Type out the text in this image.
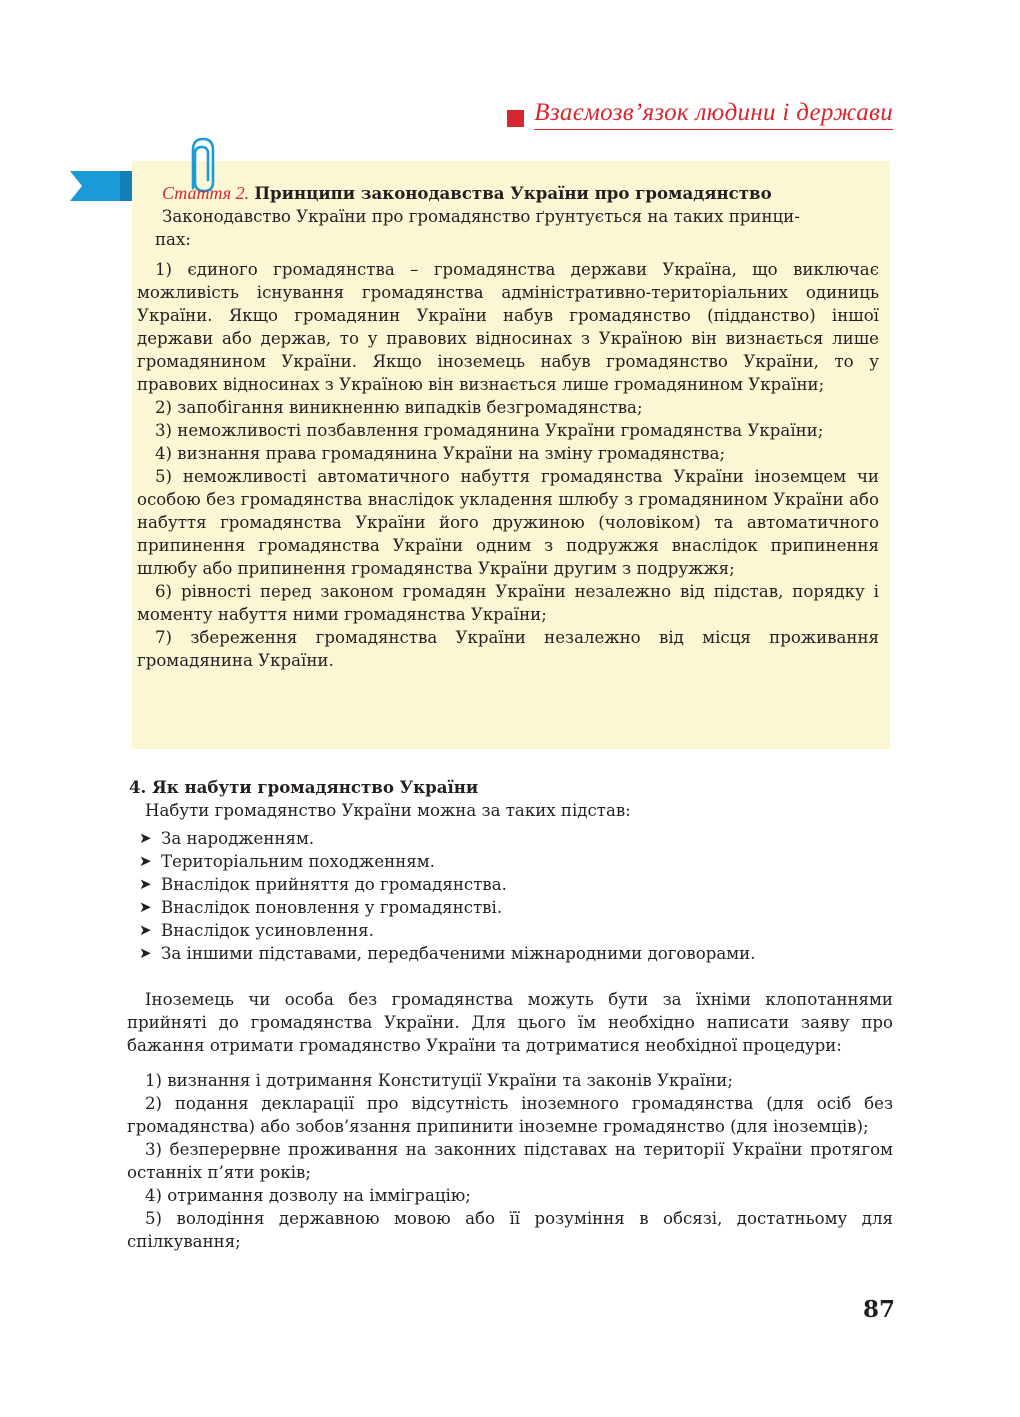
Взаємозв’язок людини і держави

Стаття 2. Принципи законодавства України про громадянство

Законодавство України про громадянство ґрунтується на таких принци-
пах:

1) єдиного громадянства – громадянства держави Україна, що виключає можливість існування громадянства адміністративно-територіальних одиниць України. Якщо громадянин України набув громадянство (підданство) іншої держави або держав, то у правових відносинах з Україною він визнається лише громадянином України. Якщо іноземець набув громадянство України, то у правових відносинах з Україною він визнається лише громадянином України;

2) запобігання виникненню випадків безгромадянства;

3) неможливості позбавлення громадянина України громадянства України;

4) визнання права громадянина України на зміну громадянства;

5) неможливості автоматичного набуття громадянства України іноземцем чи особою без громадянства внаслідок укладення шлюбу з громадянином України або набуття громадянства України його дружиною (чоловіком) та автоматичного припинення громадянства України одним з подружжя внаслідок припинення шлюбу або припинення громадянства України другим з подружжя;

6) рівності перед законом громадян України незалежно від підстав, порядку і моменту набуття ними громадянства України;

7) збереження громадянства України незалежно від місця проживання громадянина України.

4. Як набути громадянство України

Набути громадянство України можна за таких підстав:

➤ За народженням.
➤ Територіальним походженням.
➤ Внаслідок прийняття до громадянства.
➤ Внаслідок поновлення у громадянстві.
➤ Внаслідок усиновлення.
➤ За іншими підставами, передбаченими міжнародними договорами.

Іноземець чи особа без громадянства можуть бути за їхніми клопотаннями прийняті до громадянства України. Для цього їм необхідно написати заяву про бажання отримати громадянство України та дотриматися необхідної процедури:

1) визнання і дотримання Конституції України та законів України;

2) подання декларації про відсутність іноземного громадянства (для осіб без громадянства) або зобов’язання припинити іноземне громадянство (для іноземців);

3) безперервне проживання на законних підставах на території України протягом останніх п’яти років;

4) отримання дозволу на імміграцію;

5) володіння державною мовою або її розуміння в обсязі, достатньому для спілкування;

87
